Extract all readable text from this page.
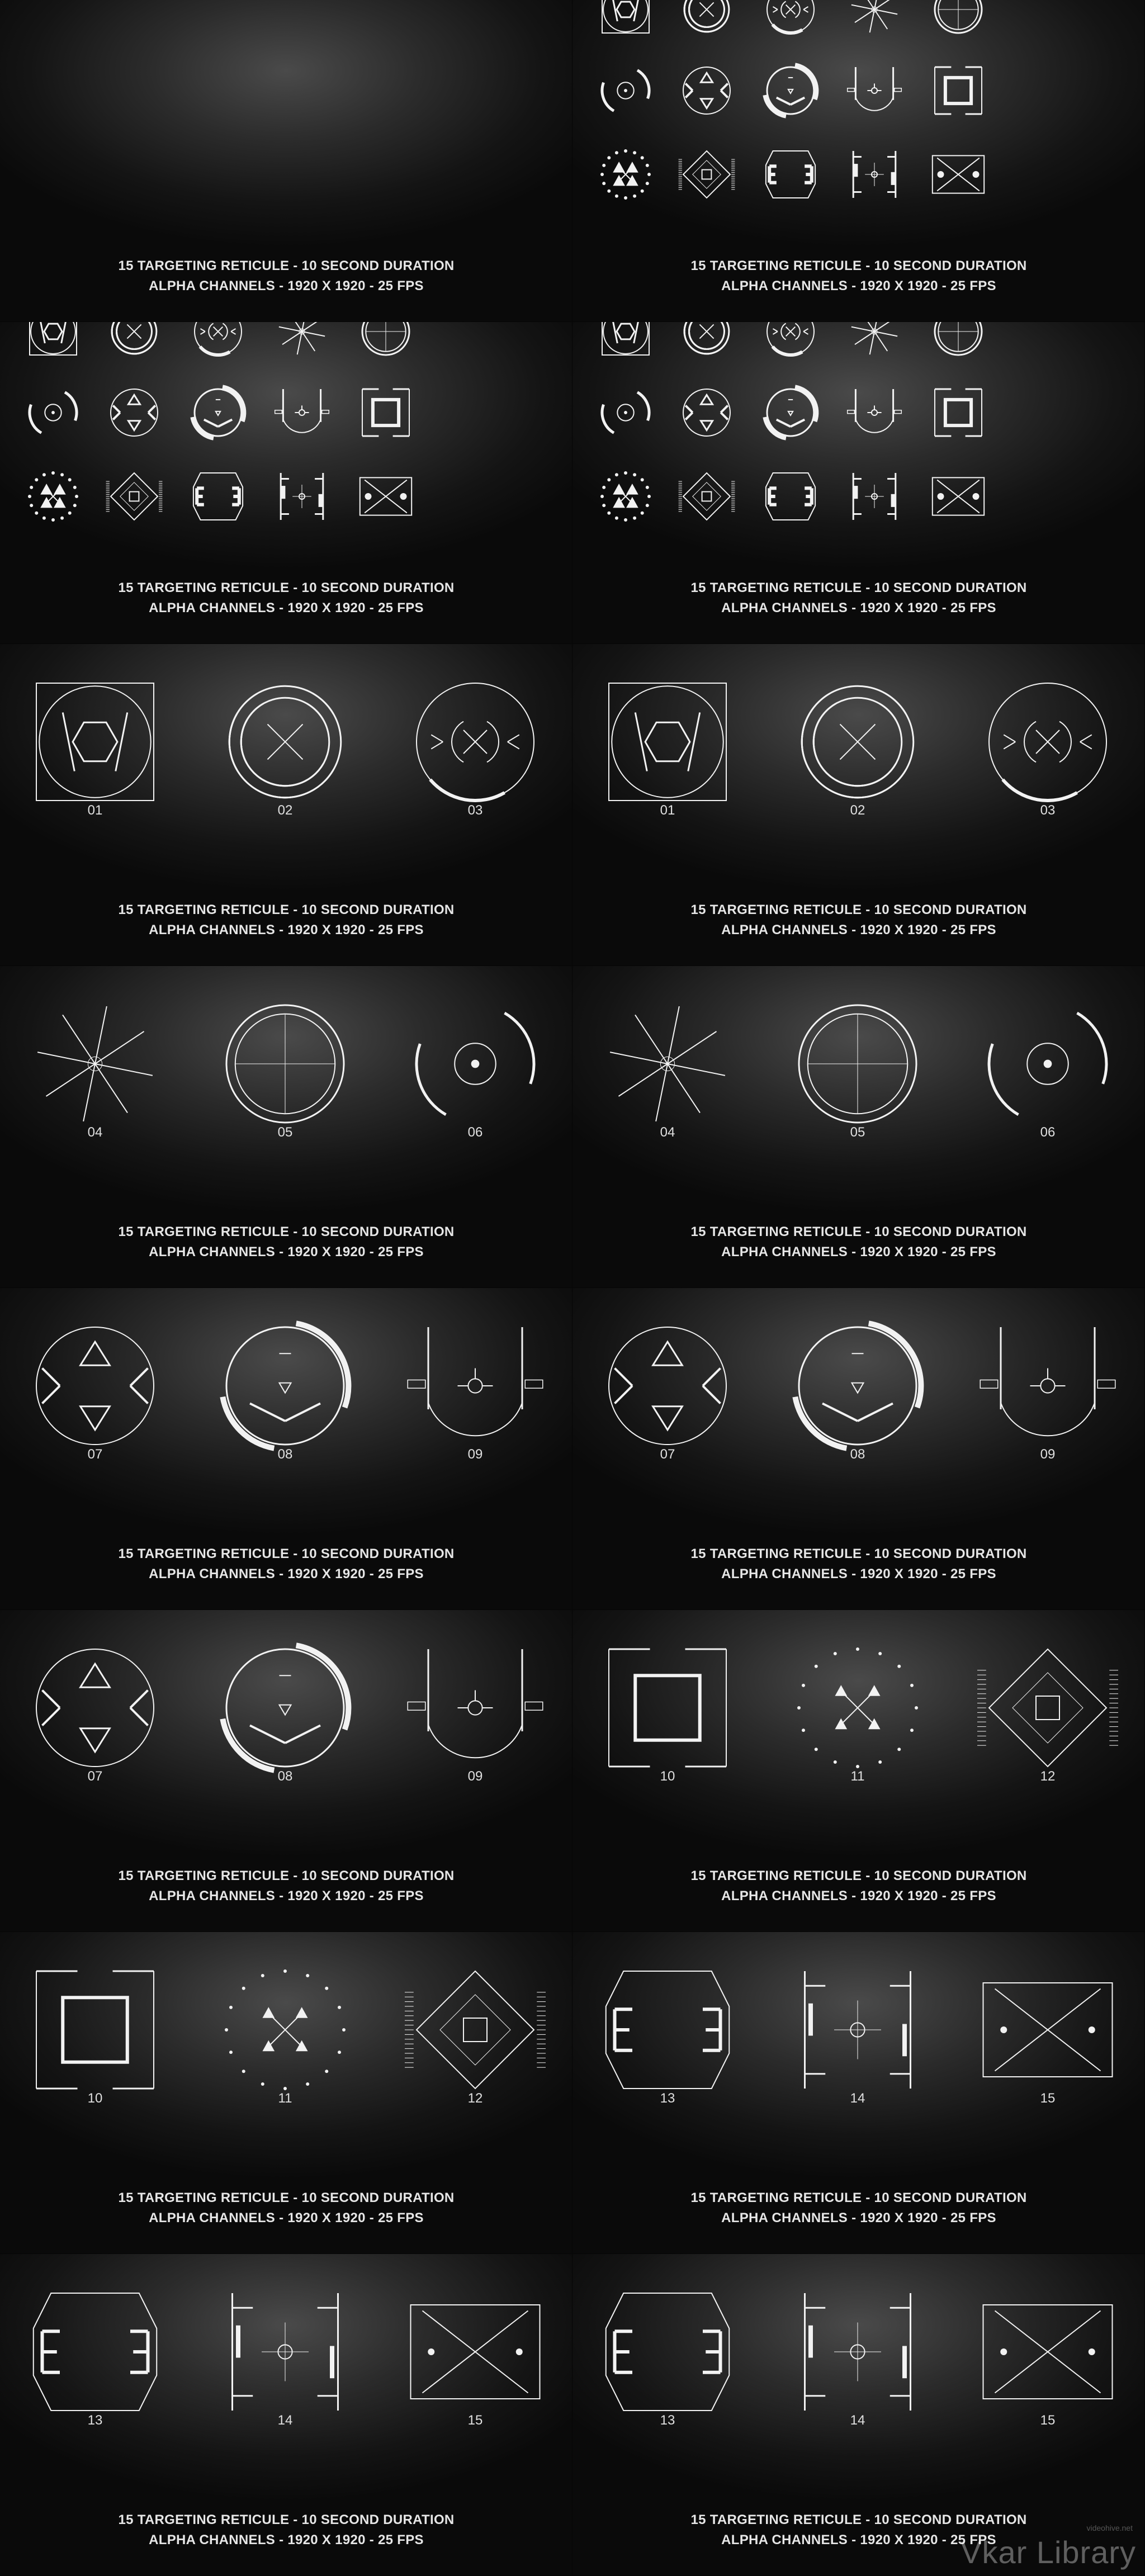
15 TARGETING RETICULE - 10 SECOND DURATION
ALPHA CHANNELS - 1920 X 1920 - 25 FPS
15 TARGETING RETICULE - 10 SECOND DURATION
ALPHA CHANNELS - 1920 X 1920 - 25 FPS
15 TARGETING RETICULE - 10 SECOND DURATION
ALPHA CHANNELS - 1920 X 1920 - 25 FPS
15 TARGETING RETICULE - 10 SECOND DURATION
ALPHA CHANNELS - 1920 X 1920 - 25 FPS
01	02	03
15 TARGETING RETICULE - 10 SECOND DURATION
ALPHA CHANNELS - 1920 X 1920 - 25 FPS
01	02	03
15 TARGETING RETICULE - 10 SECOND DURATION
ALPHA CHANNELS - 1920 X 1920 - 25 FPS
04	05	06
15 TARGETING RETICULE - 10 SECOND DURATION
ALPHA CHANNELS - 1920 X 1920 - 25 FPS
04	05	06
15 TARGETING RETICULE - 10 SECOND DURATION
ALPHA CHANNELS - 1920 X 1920 - 25 FPS
07	08	09
15 TARGETING RETICULE - 10 SECOND DURATION
ALPHA CHANNELS - 1920 X 1920 - 25 FPS
07	08	09
15 TARGETING RETICULE - 10 SECOND DURATION
ALPHA CHANNELS - 1920 X 1920 - 25 FPS
07	08	09
15 TARGETING RETICULE - 10 SECOND DURATION
ALPHA CHANNELS - 1920 X 1920 - 25 FPS
10	11	12
15 TARGETING RETICULE - 10 SECOND DURATION
ALPHA CHANNELS - 1920 X 1920 - 25 FPS
10	11	12
15 TARGETING RETICULE - 10 SECOND DURATION
ALPHA CHANNELS - 1920 X 1920 - 25 FPS
13	14	15
15 TARGETING RETICULE - 10 SECOND DURATION
ALPHA CHANNELS - 1920 X 1920 - 25 FPS
13	14	15
15 TARGETING RETICULE - 10 SECOND DURATION
ALPHA CHANNELS - 1920 X 1920 - 25 FPS
13	14	15
15 TARGETING RETICULE - 10 SECOND DURATION
ALPHA CHANNELS - 1920 X 1920 - 25 FPS
videohive.net
Vkar Library
